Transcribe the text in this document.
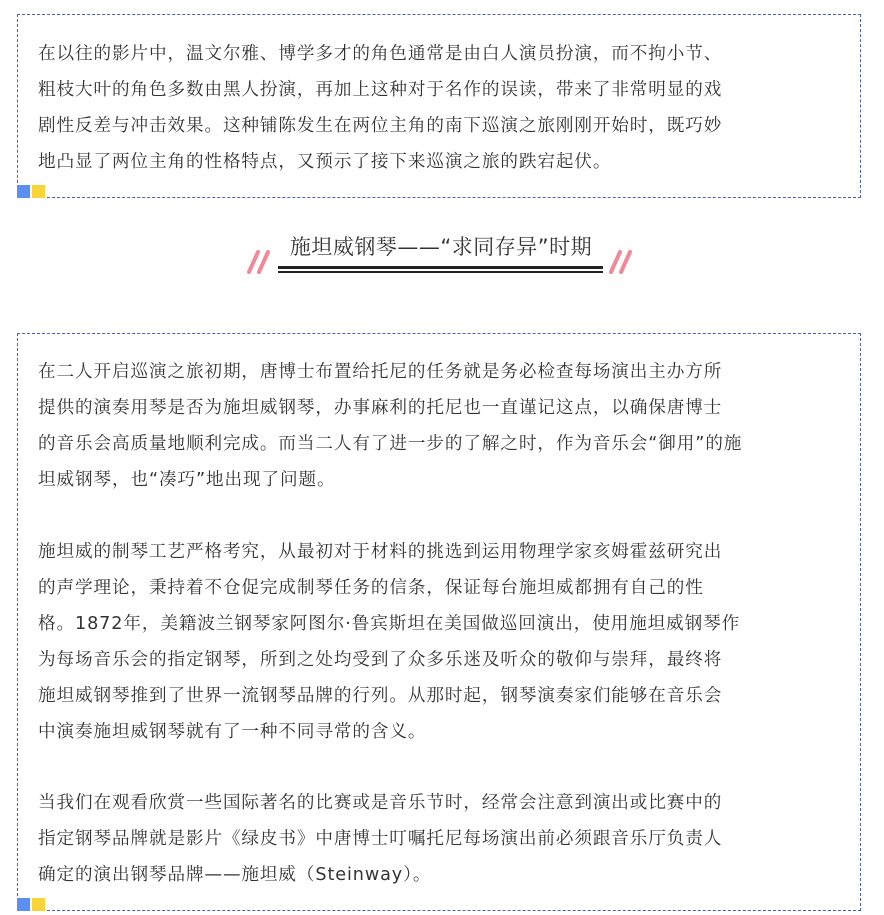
在以往的影片中，温文尔雅、博学多才的角色通常是由白人演员扮演，而不拘小节、
粗枝大叶的角色多数由黑人扮演，再加上这种对于名作的误读，带来了非常明显的戏
剧性反差与冲击效果。这种铺陈发生在两位主角的南下巡演之旅刚刚开始时，既巧妙
地凸显了两位主角的性格特点，又预示了接下来巡演之旅的跌宕起伏。

施坦威钢琴——“求同存异”时期

在二人开启巡演之旅初期，唐博士布置给托尼的任务就是务必检查每场演出主办方所
提供的演奏用琴是否为施坦威钢琴，办事麻利的托尼也一直谨记这点，以确保唐博士
的音乐会高质量地顺利完成。而当二人有了进一步的了解之时，作为音乐会“御用”的施
坦威钢琴，也“凑巧”地出现了问题。

施坦威的制琴工艺严格考究，从最初对于材料的挑选到运用物理学家亥姆霍兹研究出
的声学理论，秉持着不仓促完成制琴任务的信条，保证每台施坦威都拥有自己的性
格。1872年，美籍波兰钢琴家阿图尔·鲁宾斯坦在美国做巡回演出，使用施坦威钢琴作
为每场音乐会的指定钢琴，所到之处均受到了众多乐迷及听众的敬仰与崇拜，最终将
施坦威钢琴推到了世界一流钢琴品牌的行列。从那时起，钢琴演奏家们能够在音乐会
中演奏施坦威钢琴就有了一种不同寻常的含义。

当我们在观看欣赏一些国际著名的比赛或是音乐节时，经常会注意到演出或比赛中的
指定钢琴品牌就是影片《绿皮书》中唐博士叮嘱托尼每场演出前必须跟音乐厅负责人
确定的演出钢琴品牌——施坦威（Steinway）。
